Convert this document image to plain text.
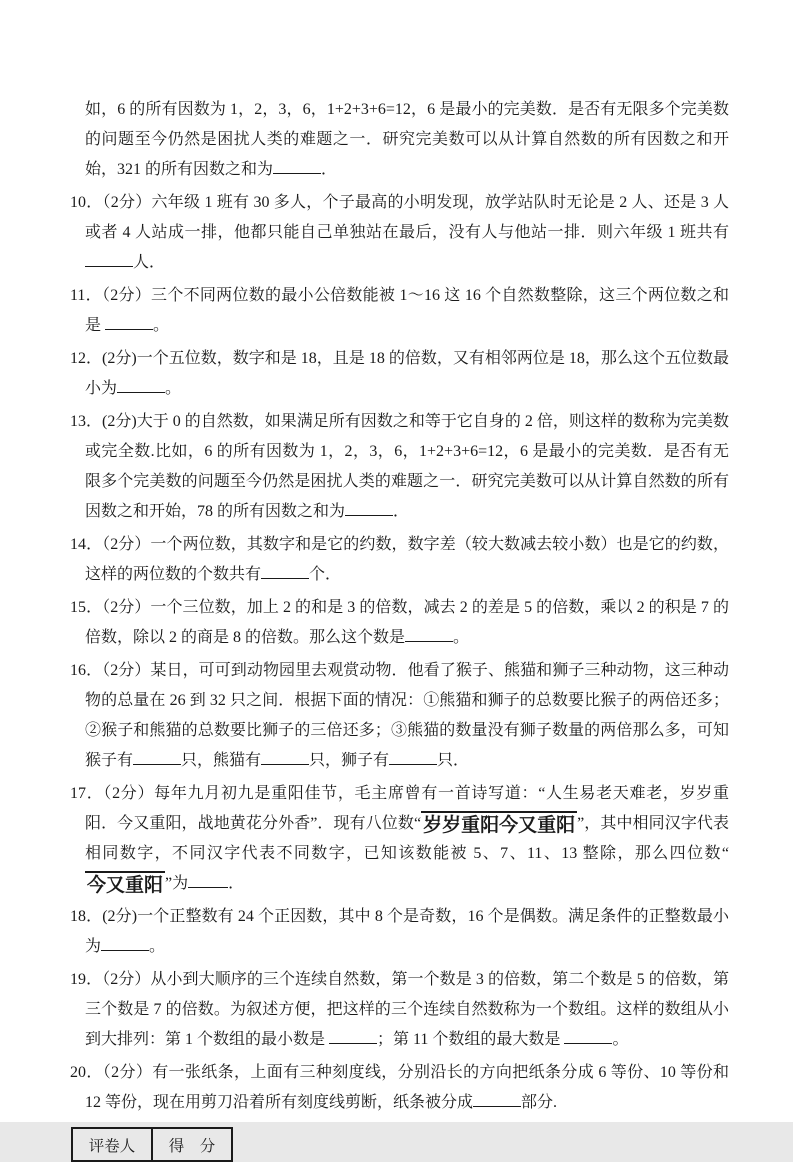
如，6 的所有因数为 1，2，3，6，1+2+3+6=12，6 是最小的完美数．是否有无限多个完美数的问题至今仍然是困扰人类的难题之一．研究完美数可以从计算自然数的所有因数之和开始，321 的所有因数之和为	．
10．（2分）六年级 1 班有 30 多人，个子最高的小明发现，放学站队时无论是 2 人、还是 3 人或者 4 人站成一排，他都只能自己单独站在最后，没有人与他站一排．则六年级 1 班共有人．
11．（2分）三个不同两位数的最小公倍数能被 1～16 这 16 个自然数整除，这三个两位数之和是	。
12．(2分)一个五位数，数字和是 18，且是 18 的倍数，又有相邻两位是 18，那么这个五位数最小为	。
13．(2分)大于 0 的自然数，如果满足所有因数之和等于它自身的 2 倍，则这样的数称为完美数或完全数.比如，6 的所有因数为 1，2，3，6，1+2+3+6=12，6 是最小的完美数．是否有无限多个完美数的问题至今仍然是困扰人类的难题之一．研究完美数可以从计算自然数的所有因数之和开始，78 的所有因数之和为	．
14．（2分）一个两位数，其数字和是它的约数，数字差（较大数减去较小数）也是它的约数，这样的两位数的个数共有	个．
15．（2分）一个三位数，加上 2 的和是 3 的倍数，减去 2 的差是 5 的倍数，乘以 2 的积是 7 的倍数，除以 2 的商是 8 的倍数。那么这个数是	。
16．（2分）某日，可可到动物园里去观赏动物．他看了猴子、熊猫和狮子三种动物，这三种动物的总量在 26 到 32 只之间．根据下面的情况：①熊猫和狮子的总数要比猴子的两倍还多；②猴子和熊猫的总数要比狮子的三倍还多；③熊猫的数量没有狮子数量的两倍那么多，可知猴子有	只，熊猫有	只，狮子有	只．
17．（2分）每年九月初九是重阳佳节，毛主席曾有一首诗写道：“人生易老天难老，岁岁重阳．今又重阳，战地黄花分外香”．现有八位数“ 岁岁重阳今又重阳 ”，其中相同汉字代表相同数字，不同汉字代表不同数字，已知该数能被 5、7、11、13 整除，那么四位数“今又重阳 ”为	．
18．(2分)一个正整数有 24 个正因数，其中 8 个是奇数，16 个是偶数。满足条件的正整数最小为	。
19．（2分）从小到大顺序的三个连续自然数，第一个数是 3 的倍数，第二个数是 5 的倍数，第三个数是 7 的倍数。为叙述方便，把这样的三个连续自然数称为一个数组。这样的数组从小到大排列：第 1 个数组的最小数是	；第 11 个数组的最大数是	。
20．（2分）有一张纸条，上面有三种刻度线，分别沿长的方向把纸条分成 6 等份、10 等份和 12 等份，现在用剪刀沿着所有刻度线剪断，纸条被分成	部分.
评卷人	得　分
